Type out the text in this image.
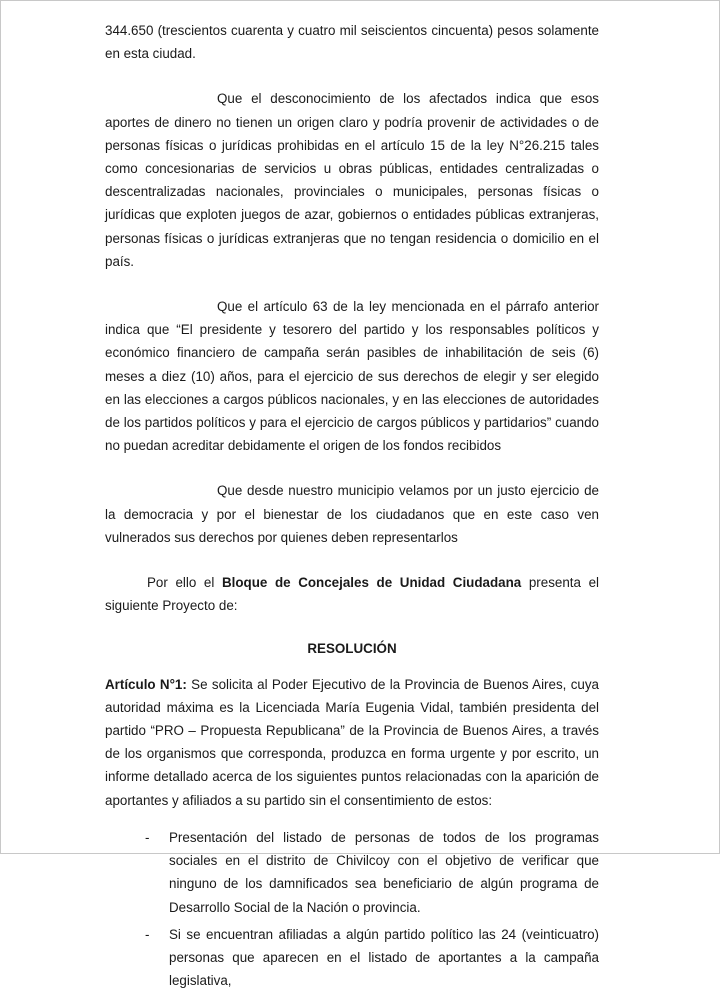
344.650 (trescientos cuarenta y cuatro mil seiscientos cincuenta) pesos solamente en esta ciudad.

Que el desconocimiento de los afectados indica que esos aportes de dinero no tienen un origen claro y podría provenir de actividades o de personas físicas o jurídicas prohibidas en el artículo 15 de la ley N°26.215 tales como concesionarias de servicios u obras públicas, entidades centralizadas o descentralizadas nacionales, provinciales o municipales, personas físicas o jurídicas que exploten juegos de azar, gobiernos o entidades públicas extranjeras, personas físicas o jurídicas extranjeras que no tengan residencia o domicilio en el país.

Que el artículo 63 de la ley mencionada en el párrafo anterior indica que “El presidente y tesorero del partido y los responsables políticos y económico financiero de campaña serán pasibles de inhabilitación de seis (6) meses a diez (10) años, para el ejercicio de sus derechos de elegir y ser elegido en las elecciones a cargos públicos nacionales, y en las elecciones de autoridades de los partidos políticos y para el ejercicio de cargos públicos y partidarios” cuando no puedan acreditar debidamente el origen de los fondos recibidos

Que desde nuestro municipio velamos por un justo ejercicio de la democracia y por el bienestar de los ciudadanos que en este caso ven vulnerados sus derechos por quienes deben representarlos

Por ello el Bloque de Concejales de Unidad Ciudadana presenta el siguiente Proyecto de:

RESOLUCIÓN

Artículo N°1: Se solicita al Poder Ejecutivo de la Provincia de Buenos Aires, cuya autoridad máxima es la Licenciada María Eugenia Vidal, también presidenta del partido “PRO – Propuesta Republicana” de la Provincia de Buenos Aires, a través de los organismos que corresponda, produzca en forma urgente y por escrito, un informe detallado acerca de los siguientes puntos relacionadas con la aparición de aportantes y afiliados a su partido sin el consentimiento de estos:

- Presentación del listado de personas de todos de los programas sociales en el distrito de Chivilcoy con el objetivo de verificar que ninguno de los damnificados sea beneficiario de algún programa de Desarrollo Social de la Nación o provincia.
- Si se encuentran afiliadas a algún partido político las 24 (veinticuatro) personas que aparecen en el listado de aportantes a la campaña legislativa,
